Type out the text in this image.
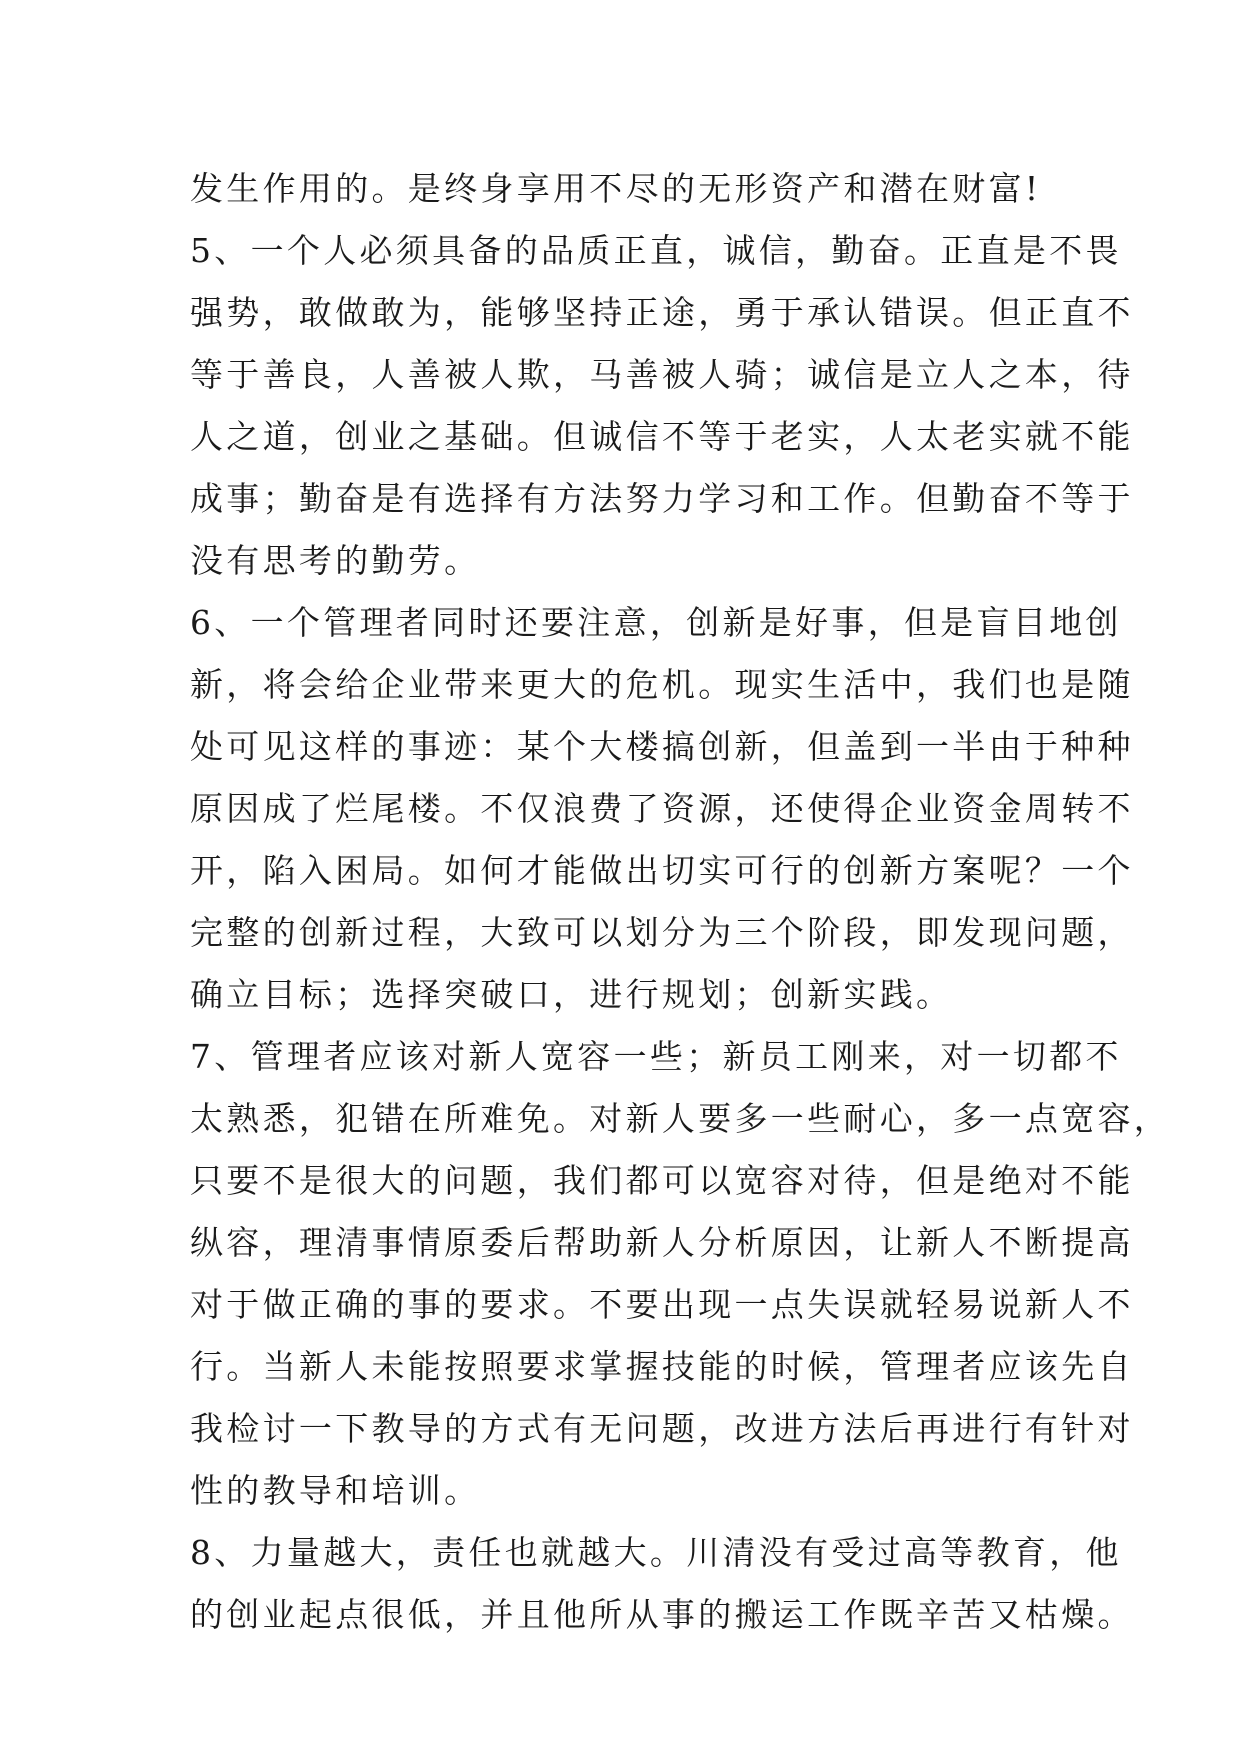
发生作用的。是终身享用不尽的无形资产和潜在财富!
5、一个人必须具备的品质正直，诚信，勤奋。正直是不畏
强势，敢做敢为，能够坚持正途，勇于承认错误。但正直不
等于善良，人善被人欺，马善被人骑；诚信是立人之本，待
人之道，创业之基础。但诚信不等于老实，人太老实就不能
成事；勤奋是有选择有方法努力学习和工作。但勤奋不等于
没有思考的勤劳。
6、一个管理者同时还要注意，创新是好事，但是盲目地创
新，将会给企业带来更大的危机。现实生活中，我们也是随
处可见这样的事迹：某个大楼搞创新，但盖到一半由于种种
原因成了烂尾楼。不仅浪费了资源，还使得企业资金周转不
开，陷入困局。如何才能做出切实可行的创新方案呢？一个
完整的创新过程，大致可以划分为三个阶段，即发现问题，
确立目标；选择突破口，进行规划；创新实践。
7、管理者应该对新人宽容一些；新员工刚来，对一切都不
太熟悉，犯错在所难免。对新人要多一些耐心，多一点宽容，
只要不是很大的问题，我们都可以宽容对待，但是绝对不能
纵容，理清事情原委后帮助新人分析原因，让新人不断提高
对于做正确的事的要求。不要出现一点失误就轻易说新人不
行。当新人未能按照要求掌握技能的时候，管理者应该先自
我检讨一下教导的方式有无问题，改进方法后再进行有针对
性的教导和培训。
8、力量越大，责任也就越大。川清没有受过高等教育，他
的创业起点很低，并且他所从事的搬运工作既辛苦又枯燥。
